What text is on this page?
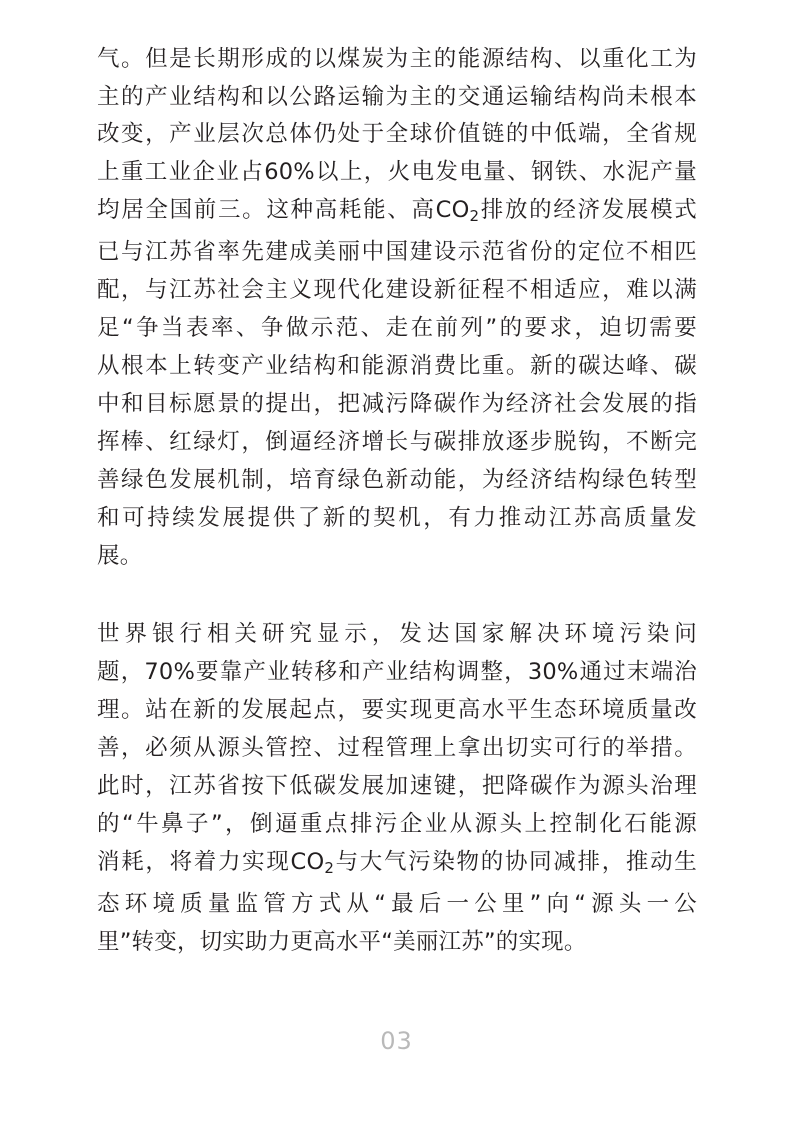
气。但是长期形成的以煤炭为主的能源结构、以重化工为
主的产业结构和以公路运输为主的交通运输结构尚未根本
改变，产业层次总体仍处于全球价值链的中低端，全省规
上重工业企业占60%以上，火电发电量、钢铁、水泥产量
均居全国前三。这种高耗能、高$CO_2$排放的经济发展模式
已与江苏省率先建成美丽中国建设示范省份的定位不相匹
配，与江苏社会主义现代化建设新征程不相适应，难以满
足“争当表率、争做示范、走在前列”的要求，迫切需要
从根本上转变产业结构和能源消费比重。新的碳达峰、碳
中和目标愿景的提出，把减污降碳作为经济社会发展的指
挥棒、红绿灯，倒逼经济增长与碳排放逐步脱钩，不断完
善绿色发展机制，培育绿色新动能，为经济结构绿色转型
和可持续发展提供了新的契机，有力推动江苏高质量发
展。
世界银行相关研究显示，发达国家解决环境污染问
题，70%要靠产业转移和产业结构调整，30%通过末端治
理。站在新的发展起点，要实现更高水平生态环境质量改
善，必须从源头管控、过程管理上拿出切实可行的举措。
此时，江苏省按下低碳发展加速键，把降碳作为源头治理
的“牛鼻子”，倒逼重点排污企业从源头上控制化石能源
消耗，将着力实现$CO_2$与大气污染物的协同减排，推动生
态环境质量监管方式从“最后一公里”向“源头一公
里”转变，切实助力更高水平“美丽江苏”的实现。
03
